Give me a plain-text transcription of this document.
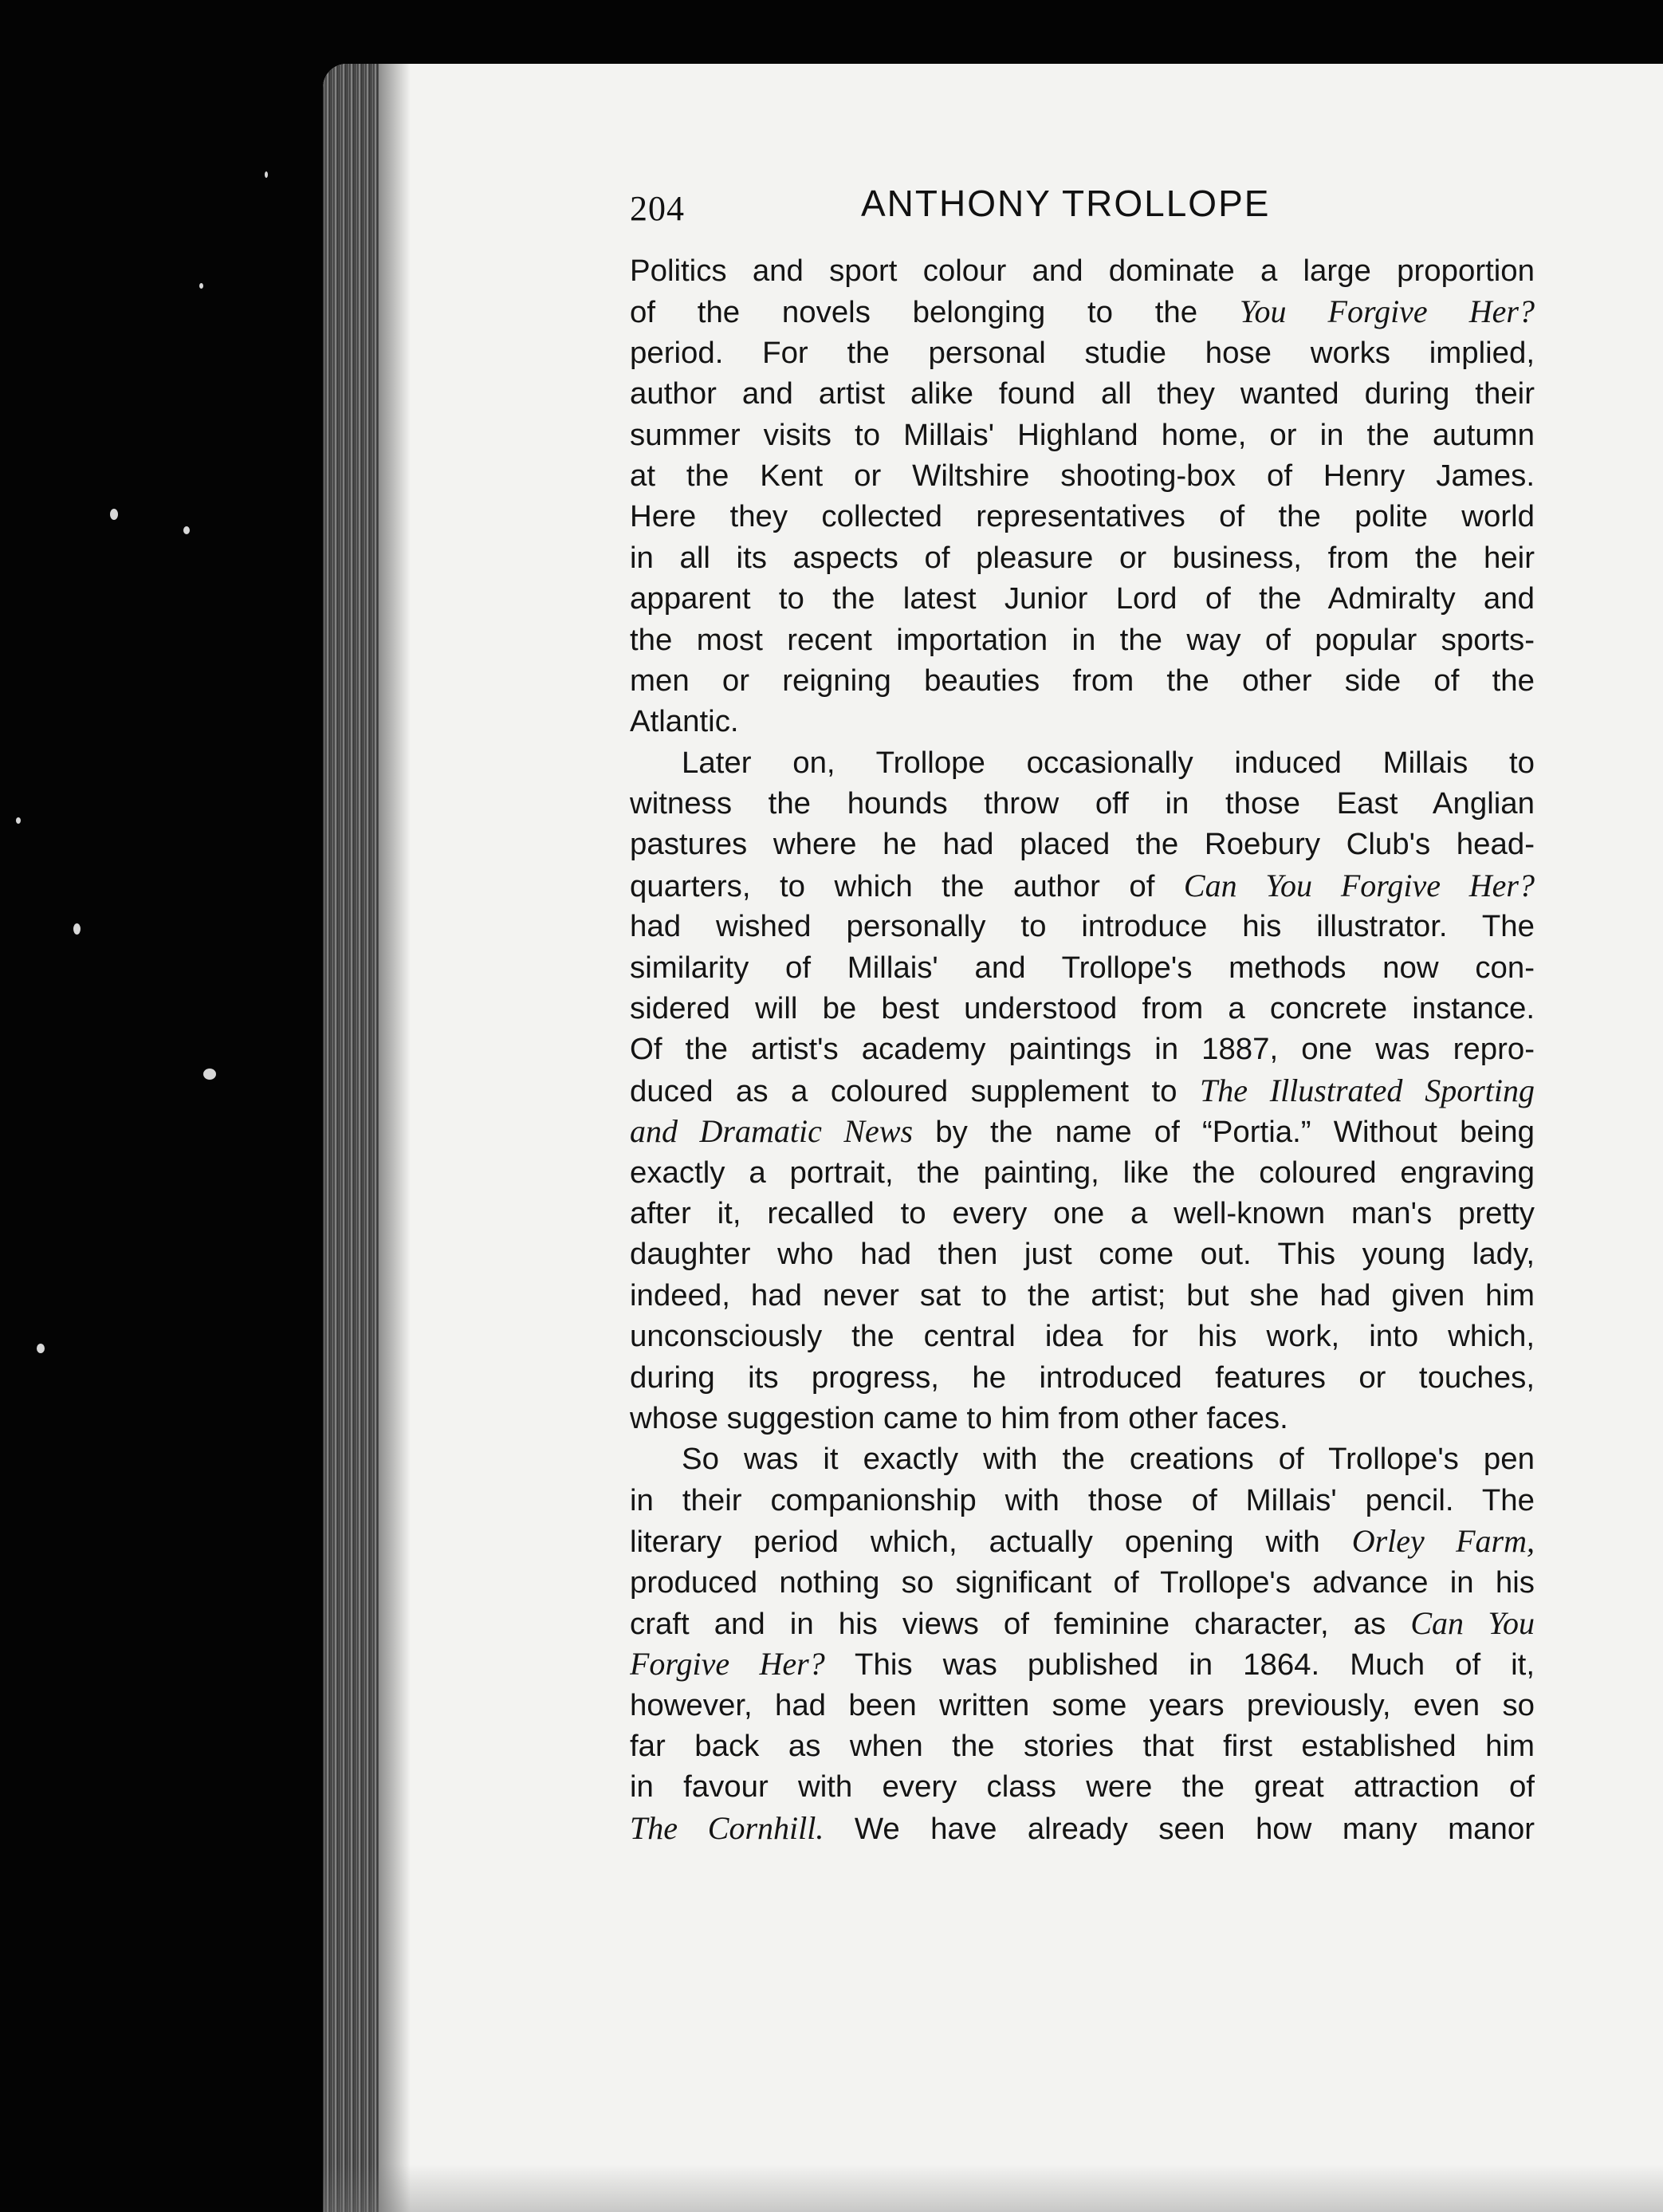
204	ANTHONY TROLLOPE
Politics and sport colour and dominate a large proportion
of the novels belonging to the You Forgive Her?
period. For the personal studie hose works implied,
author and artist alike found all they wanted during their
summer visits to Millais' Highland home, or in the autumn
at the Kent or Wiltshire shooting-box of Henry James.
Here they collected representatives of the polite world
in all its aspects of pleasure or business, from the heir
apparent to the latest Junior Lord of the Admiralty and
the most recent importation in the way of popular sports-
men or reigning beauties from the other side of the
Atlantic.
Later on, Trollope occasionally induced Millais to
witness the hounds throw off in those East Anglian
pastures where he had placed the Roebury Club's head-
quarters, to which the author of Can You Forgive Her?
had wished personally to introduce his illustrator. The
similarity of Millais' and Trollope's methods now con-
sidered will be best understood from a concrete instance.
Of the artist's academy paintings in 1887, one was repro-
duced as a coloured supplement to The Illustrated Sporting
and Dramatic News by the name of “Portia.” Without being
exactly a portrait, the painting, like the coloured engraving
after it, recalled to every one a well-known man's pretty
daughter who had then just come out. This young lady,
indeed, had never sat to the artist; but she had given him
unconsciously the central idea for his work, into which,
during its progress, he introduced features or touches,
whose suggestion came to him from other faces.
So was it exactly with the creations of Trollope's pen
in their companionship with those of Millais' pencil. The
literary period which, actually opening with Orley Farm,
produced nothing so significant of Trollope's advance in his
craft and in his views of feminine character, as Can You
Forgive Her? This was published in 1864. Much of it,
however, had been written some years previously, even so
far back as when the stories that first established him
in favour with every class were the great attraction of
The Cornhill. We have already seen how many manor
